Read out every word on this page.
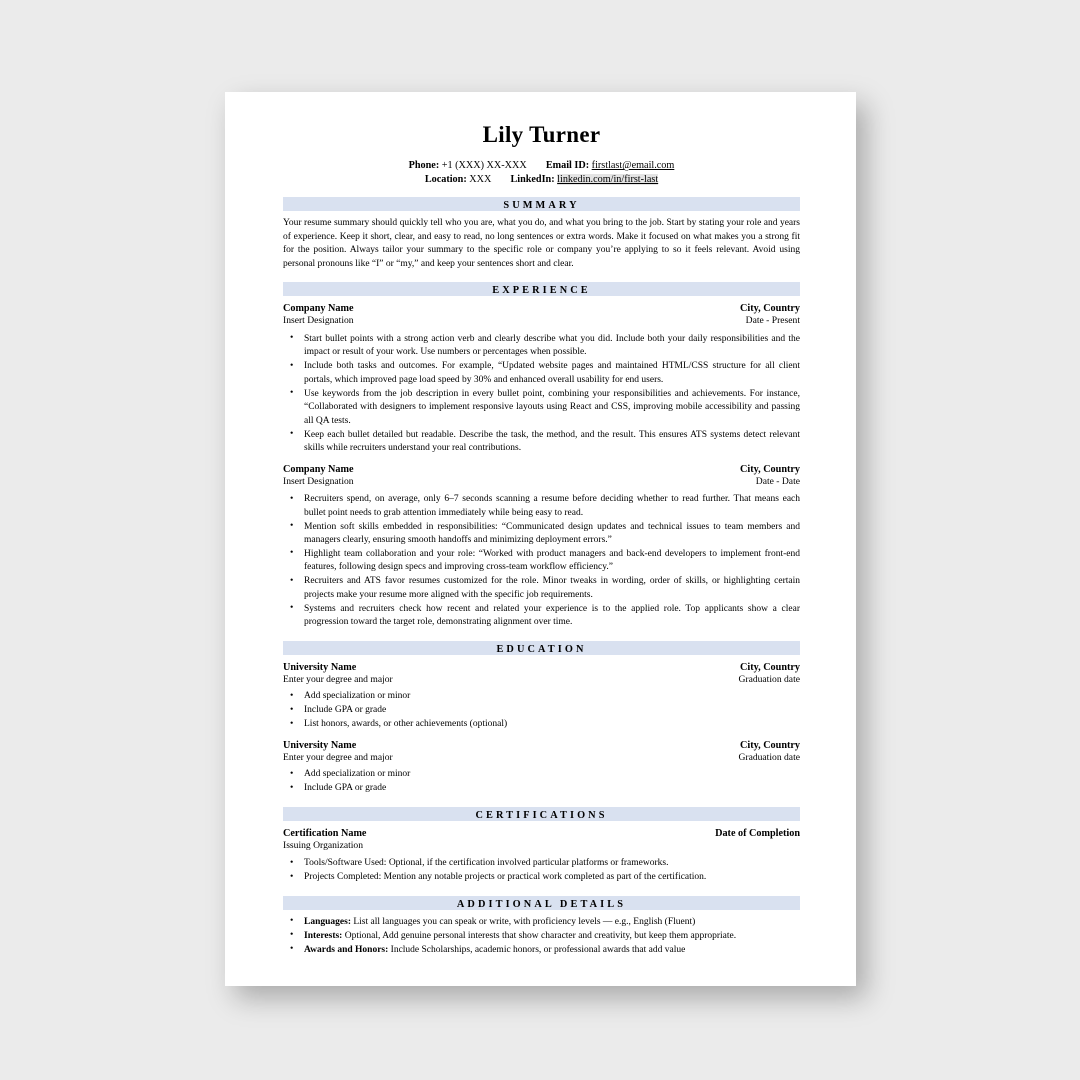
Lily Turner
Phone: +1 (XXX) XX-XXX Email ID: firstlast@email.com
Location: XXX LinkedIn: linkedin.com/in/first-last
SUMMARY

Your resume summary should quickly tell who you are, what you do, and what you bring to the job. Start by stating your role and years of experience. Keep it short, clear, and easy to read, no long sentences or extra words. Make it focused on what makes you a strong fit for the position. Always tailor your summary to the specific role or company you’re applying to so it feels relevant. Avoid using personal pronouns like “I” or “my,” and keep your sentences short and clear.

EXPERIENCE
Company Name	City, Country
Insert Designation	Date - Present
• Start bullet points with a strong action verb and clearly describe what you did. Include both your daily responsibilities and the impact or result of your work. Use numbers or percentages when possible.
• Include both tasks and outcomes. For example, “Updated website pages and maintained HTML/CSS structure for all client portals, which improved page load speed by 30% and enhanced overall usability for end users.
• Use keywords from the job description in every bullet point, combining your responsibilities and achievements. For instance, “Collaborated with designers to implement responsive layouts using React and CSS, improving mobile accessibility and passing all QA tests.
• Keep each bullet detailed but readable. Describe the task, the method, and the result. This ensures ATS systems detect relevant skills while recruiters understand your real contributions.
Company Name	City, Country
Insert Designation	Date - Date
• Recruiters spend, on average, only 6–7 seconds scanning a resume before deciding whether to read further. That means each bullet point needs to grab attention immediately while being easy to read.
• Mention soft skills embedded in responsibilities: “Communicated design updates and technical issues to team members and managers clearly, ensuring smooth handoffs and minimizing deployment errors.”
• Highlight team collaboration and your role: “Worked with product managers and back-end developers to implement front-end features, following design specs and improving cross-team workflow efficiency.”
• Recruiters and ATS favor resumes customized for the role. Minor tweaks in wording, order of skills, or highlighting certain projects make your resume more aligned with the specific job requirements.
• Systems and recruiters check how recent and related your experience is to the applied role. Top applicants show a clear progression toward the target role, demonstrating alignment over time.
EDUCATION
University Name	City, Country
Enter your degree and major	Graduation date
• Add specialization or minor
• Include GPA or grade
• List honors, awards, or other achievements (optional)
University Name	City, Country
Enter your degree and major	Graduation date
• Add specialization or minor
• Include GPA or grade
CERTIFICATIONS
Certification Name	Date of Completion
Issuing Organization
• Tools/Software Used: Optional, if the certification involved particular platforms or frameworks.
• Projects Completed: Mention any notable projects or practical work completed as part of the certification.
ADDITIONAL DETAILS
• Languages: List all languages you can speak or write, with proficiency levels — e.g., English (Fluent)
• Interests: Optional, Add genuine personal interests that show character and creativity, but keep them appropriate.
• Awards and Honors: Include Scholarships, academic honors, or professional awards that add value
